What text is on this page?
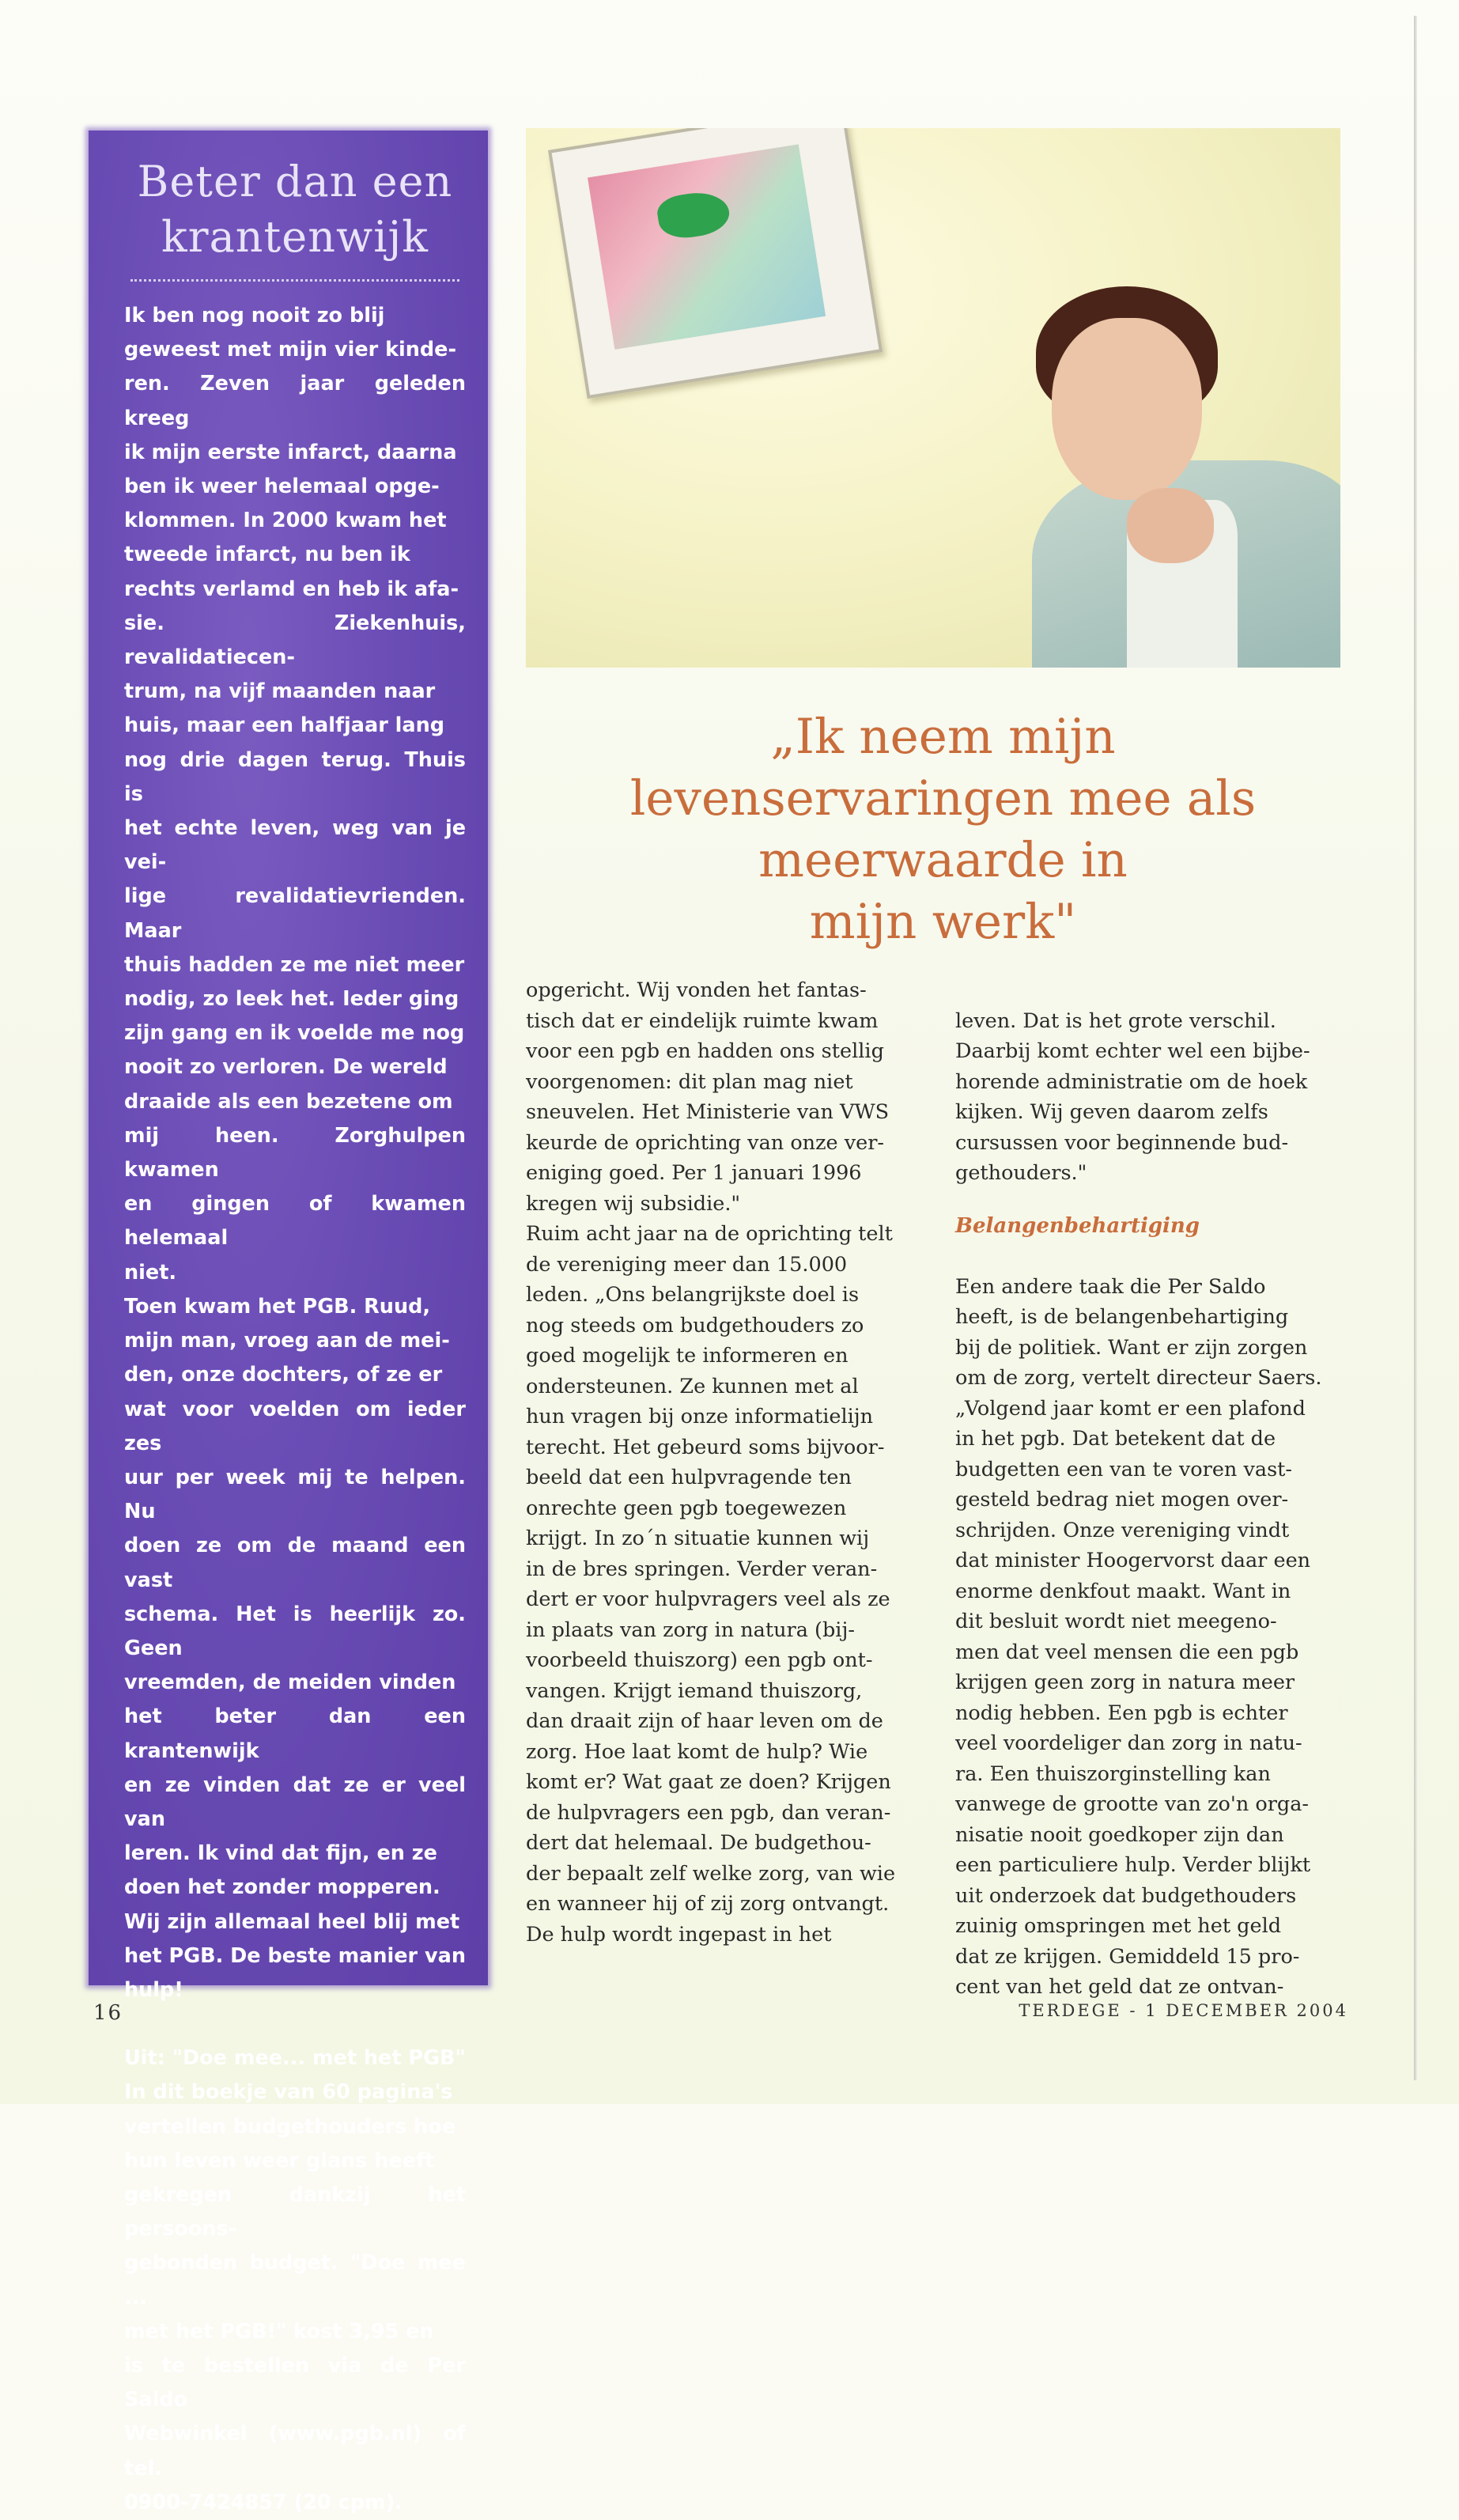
Beter dan een krantenwijk

Ik ben nog nooit zo blij
geweest met mijn vier kinde-
ren. Zeven jaar geleden kreeg
ik mijn eerste infarct, daarna
ben ik weer helemaal opge-
klommen. In 2000 kwam het
tweede infarct, nu ben ik
rechts verlamd en heb ik afa-
sie. Ziekenhuis, revalidatiecen-
trum, na vijf maanden naar
huis, maar een halfjaar lang
nog drie dagen terug. Thuis is
het echte leven, weg van je vei-
lige revalidatievrienden. Maar
thuis hadden ze me niet meer
nodig, zo leek het. Ieder ging
zijn gang en ik voelde me nog
nooit zo verloren. De wereld
draaide als een bezetene om
mij heen. Zorghulpen kwamen
en gingen of kwamen helemaal
niet.
Toen kwam het PGB. Ruud,
mijn man, vroeg aan de mei-
den, onze dochters, of ze er
wat voor voelden om ieder zes
uur per week mij te helpen. Nu
doen ze om de maand een vast
schema. Het is heerlijk zo. Geen
vreemden, de meiden vinden
het beter dan een krantenwijk
en ze vinden dat ze er veel van
leren. Ik vind dat fijn, en ze
doen het zonder mopperen.
Wij zijn allemaal heel blij met
het PGB. De beste manier van
hulp!

Uit: "Doe mee... met het PGB"
In dit boekje van 60 pagina's
vertellen budgethouders hoe
hun leven weer glans heeft
gekregen dankzij het persoons-
gebonden budget. "Doe mee ...
met het PGB!" kost 3,95 en
is te bestellen via de Per Saldo
Webwinkel (www.pgb.nl) of tel.
0900-7424857 (20 cpm).

„Ik neem mijn
levenservaringen mee als
meerwaarde in
mijn werk"
opgericht. Wij vonden het fantas-
tisch dat er eindelijk ruimte kwam
voor een pgb en hadden ons stellig
voorgenomen: dit plan mag niet
sneuvelen. Het Ministerie van VWS
keurde de oprichting van onze ver-
eniging goed. Per 1 januari 1996
kregen wij subsidie."
Ruim acht jaar na de oprichting telt
de vereniging meer dan 15.000
leden. „Ons belangrijkste doel is
nog steeds om budgethouders zo
goed mogelijk te informeren en
ondersteunen. Ze kunnen met al
hun vragen bij onze informatielijn
terecht. Het gebeurd soms bijvoor-
beeld dat een hulpvragende ten
onrechte geen pgb toegewezen
krijgt. In zo´n situatie kunnen wij
in de bres springen. Verder veran-
dert er voor hulpvragers veel als ze
in plaats van zorg in natura (bij-
voorbeeld thuiszorg) een pgb ont-
vangen. Krijgt iemand thuiszorg,
dan draait zijn of haar leven om de
zorg. Hoe laat komt de hulp? Wie
komt er? Wat gaat ze doen? Krijgen
de hulpvragers een pgb, dan veran-
dert dat helemaal. De budgethou-
der bepaalt zelf welke zorg, van wie
en wanneer hij of zij zorg ontvangt.
De hulp wordt ingepast in het

leven. Dat is het grote verschil.
Daarbij komt echter wel een bijbe-
horende administratie om de hoek
kijken. Wij geven daarom zelfs
cursussen voor beginnende bud-
gethouders."

Belangenbehartiging

Een andere taak die Per Saldo
heeft, is de belangenbehartiging
bij de politiek. Want er zijn zorgen
om de zorg, vertelt directeur Saers.
„Volgend jaar komt er een plafond
in het pgb. Dat betekent dat de
budgetten een van te voren vast-
gesteld bedrag niet mogen over-
schrijden. Onze vereniging vindt
dat minister Hoogervorst daar een
enorme denkfout maakt. Want in
dit besluit wordt niet meegeno-
men dat veel mensen die een pgb
krijgen geen zorg in natura meer
nodig hebben. Een pgb is echter
veel voordeliger dan zorg in natu-
ra. Een thuiszorginstelling kan
vanwege de grootte van zo'n orga-
nisatie nooit goedkoper zijn dan
een particuliere hulp. Verder blijkt
uit onderzoek dat budgethouders
zuinig omspringen met het geld
dat ze krijgen. Gemiddeld 15 pro-
cent van het geld dat ze ontvan-

16	TERDEGE - 1 DECEMBER 2004
